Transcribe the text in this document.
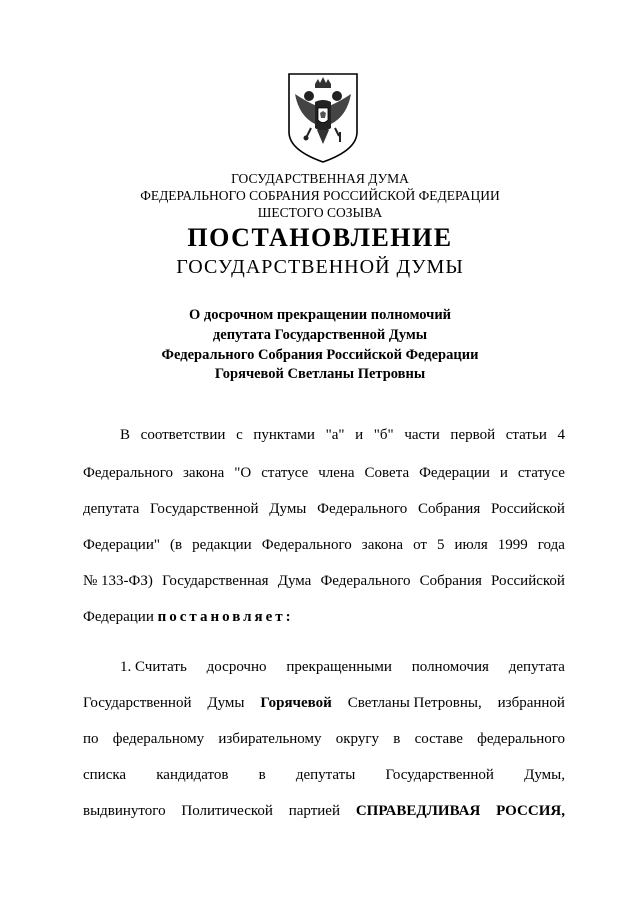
ГОСУДАРСТВЕННАЯ ДУМА
ФЕДЕРАЛЬНОГО СОБРАНИЯ РОССИЙСКОЙ ФЕДЕРАЦИИ
ШЕСТОГО СОЗЫВА
ПОСТАНОВЛЕНИЕ
ГОСУДАРСТВЕННОЙ ДУМЫ
О досрочном прекращении полномочий
депутата Государственной Думы
Федерального Собрания Российской Федерации
Горячевой Светланы Петровны
В соответствии с пунктами "а" и "б" части первой статьи 4
Федерального закона "О статусе члена Совета Федерации и статусе
депутата Государственной Думы Федерального Собрания Российской
Федерации" (в редакции Федерального закона от 5 июля 1999 года
№ 133-ФЗ) Государственная Дума Федерального Собрания Российской
Федерации
постановляет:
1. Считать досрочно прекращенными полномочия депутата
Государственной Думы Горячевой Светланы Петровны, избранной
по федеральному избирательному округу в составе федерального
списка кандидатов в депутаты Государственной Думы,
выдвинутого Политической партией СПРАВЕДЛИВАЯ РОССИЯ,
